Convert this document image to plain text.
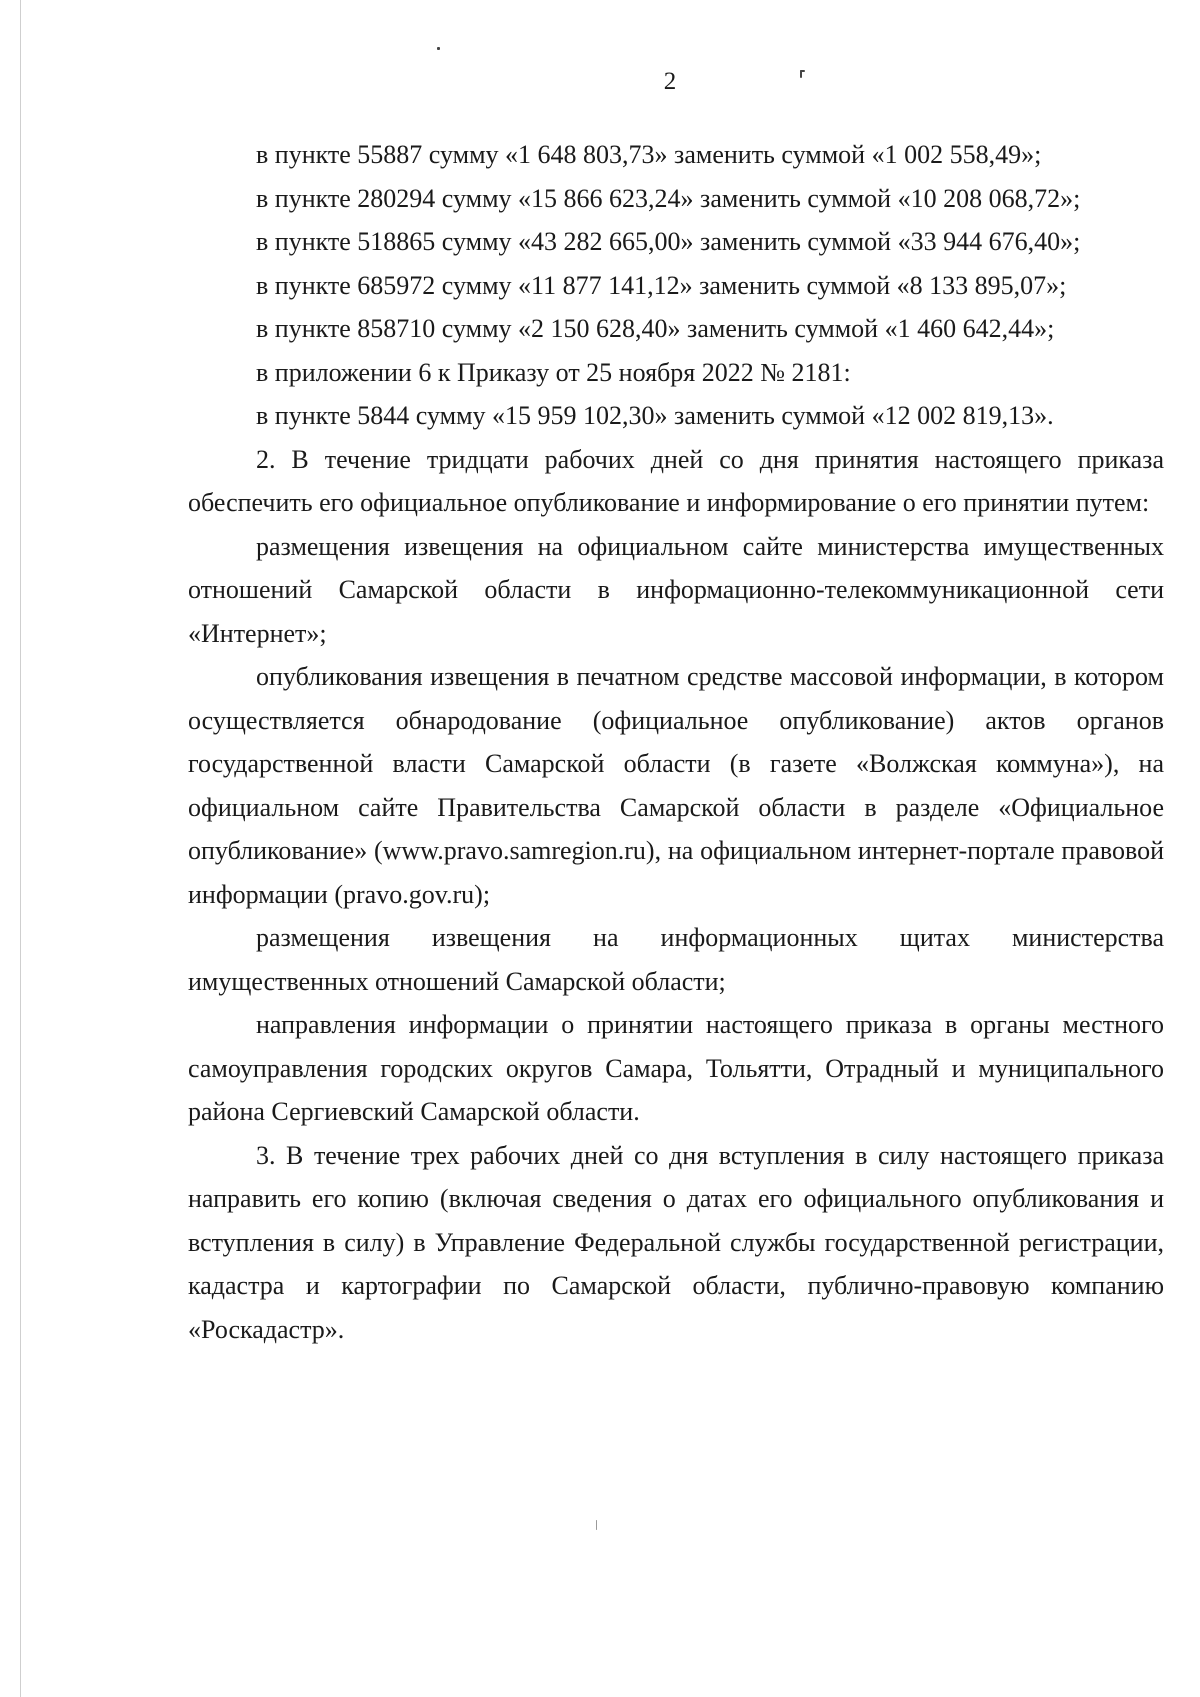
2
в пункте 55887 сумму «1 648 803,73» заменить суммой «1 002 558,49»;
в пункте 280294 сумму «15 866 623,24» заменить суммой «10 208 068,72»;
в пункте 518865 сумму «43 282 665,00» заменить суммой «33 944 676,40»;
в пункте 685972 сумму «11 877 141,12» заменить суммой «8 133 895,07»;
в пункте 858710 сумму «2 150 628,40» заменить суммой «1 460 642,44»;
в приложении 6 к Приказу от 25 ноября 2022 № 2181:
в пункте 5844 сумму «15 959 102,30» заменить суммой «12 002 819,13».
2. В течение тридцати рабочих дней со дня принятия настоящего приказа обеспечить его официальное опубликование и информирование о его принятии путем:
размещения извещения на официальном сайте министерства имущественных отношений Самарской области в информационно-телекоммуникационной сети «Интернет»;
опубликования извещения в печатном средстве массовой информации, в котором осуществляется обнародование (официальное опубликование) актов органов государственной власти Самарской области (в газете «Волжская коммуна»), на официальном сайте Правительства Самарской области в разделе «Официальное опубликование» (www.pravo.samregion.ru), на официальном интернет-портале правовой информации (pravo.gov.ru);
размещения извещения на информационных щитах министерства имущественных отношений Самарской области;
направления информации о принятии настоящего приказа в органы местного самоуправления городских округов Самара, Тольятти, Отрадный и муниципального района Сергиевский Самарской области.
3. В течение трех рабочих дней со дня вступления в силу настоящего приказа направить его копию (включая сведения о датах его официального опубликования и вступления в силу) в Управление Федеральной службы государственной регистрации, кадастра и картографии по Самарской области, публично-правовую компанию «Роскадастр».
